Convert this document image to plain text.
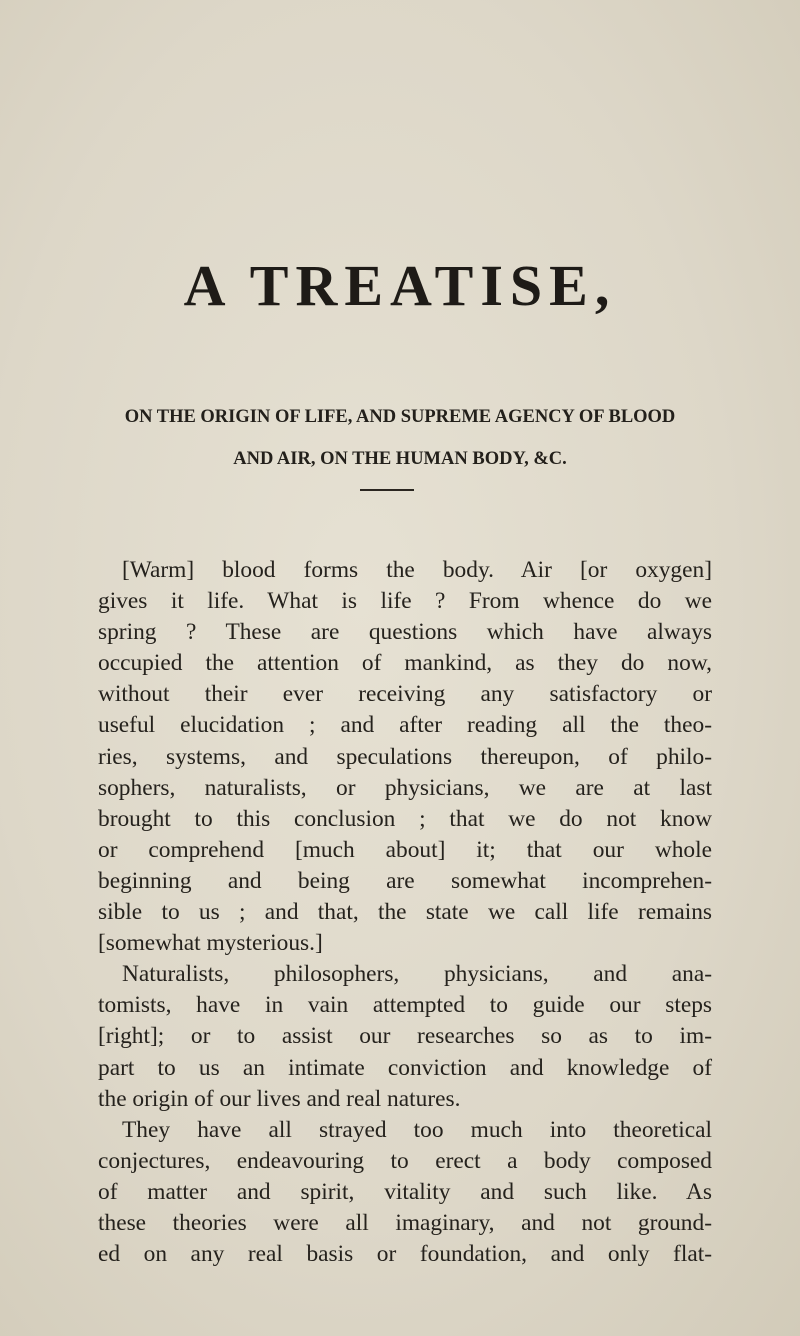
A TREATISE,
ON THE ORIGIN OF LIFE, AND SUPREME AGENCY OF BLOOD
AND AIR, ON THE HUMAN BODY, &C.
[Warm] blood forms the body. Air [or oxygen]
gives it life. What is life ? From whence do we
spring ? These are questions which have always
occupied the attention of mankind, as they do now,
without their ever receiving any satisfactory or
useful elucidation ; and after reading all the theo-
ries, systems, and speculations thereupon, of philo-
sophers, naturalists, or physicians, we are at last
brought to this conclusion ; that we do not know
or comprehend [much about] it; that our whole
beginning and being are somewhat incomprehen-
sible to us ; and that, the state we call life remains
[somewhat mysterious.]
Naturalists, philosophers, physicians, and ana-
tomists, have in vain attempted to guide our steps
[right]; or to assist our researches so as to im-
part to us an intimate conviction and knowledge of
the origin of our lives and real natures.
They have all strayed too much into theoretical
conjectures, endeavouring to erect a body composed
of matter and spirit, vitality and such like. As
these theories were all imaginary, and not ground-
ed on any real basis or foundation, and only flat-
